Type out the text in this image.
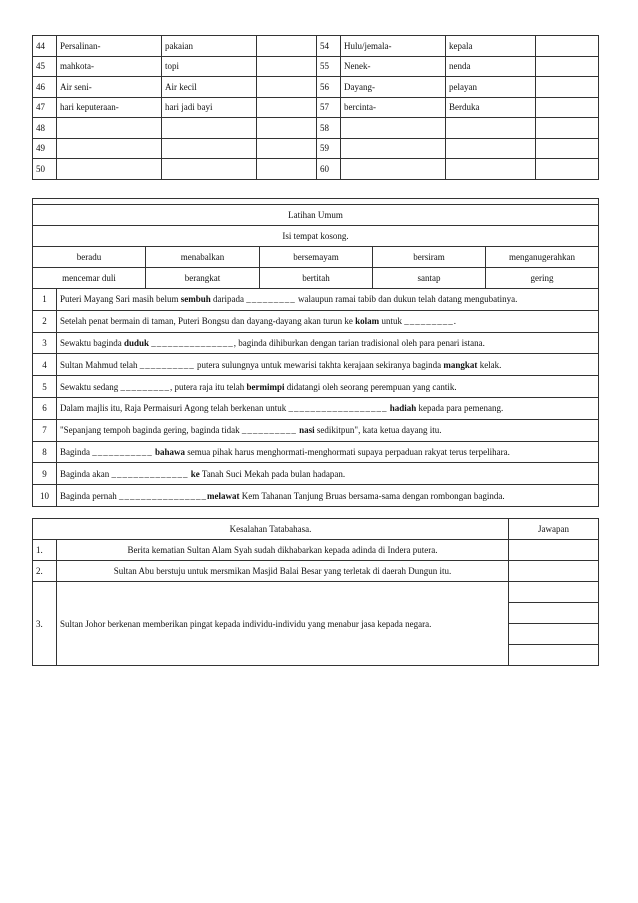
44	Persalinan-	pakaian		54	Hulu/jemala-	kepala	
45	mahkota-	topi		55	Nenek-	nenda	
46	Air seni-	Air kecil		56	Dayang-	pelayan	
47	hari keputeraan-	hari jadi bayi		57	bercinta-	Berduka	
48				58			
49				59			
50				60			

Latihan Umum					
Isi tempat kosong.					
beradu		menabalkan	bersemayam	bersiram	menganugerahkan
mencemar duli		berangkat	bertitah	santap	gering
1	Puteri Mayang Sari masih belum sembuh daripada _________ walaupun ramai tabib dan dukun telah datang mengubatinya.				
2	Setelah penat bermain di taman, Puteri Bongsu dan dayang-dayang akan turun ke kolam untuk _________.				
3	Sewaktu baginda duduk _______________, baginda dihiburkan dengan tarian tradisional oleh para penari istana.				
4	Sultan Mahmud telah __________ putera sulungnya untuk mewarisi takhta kerajaan sekiranya baginda mangkat kelak.				
5	Sewaktu sedang _________, putera raja itu telah bermimpi didatangi oleh seorang perempuan yang cantik.				
6	Dalam majlis itu, Raja Permaisuri Agong telah berkenan untuk __________________ hadiah kepada para pemenang.				
7	"Sepanjang tempoh baginda gering, baginda tidak __________ nasi sedikitpun", kata ketua dayang itu.				
8	Baginda ___________ bahawa semua pihak harus menghormati-menghormati supaya perpaduan rakyat terus terpelihara.				
9	Baginda akan ______________ ke Tanah Suci Mekah pada bulan hadapan.				
10	Baginda pernah ________________melawat Kem Tahanan Tanjung Bruas bersama-sama dengan rombongan baginda.				
Kesalahan Tatabahasa.		Jawapan
1.	Berita kematian Sultan Alam Syah sudah dikhabarkan kepada adinda di Indera putera.	
2.	Sultan Abu berstuju untuk mersmikan Masjid Balai Besar yang terletak di daerah Dungun itu.	
3.	Sultan Johor berkenan memberikan pingat kepada individu-individu yang menabur jasa kepada negara.	
